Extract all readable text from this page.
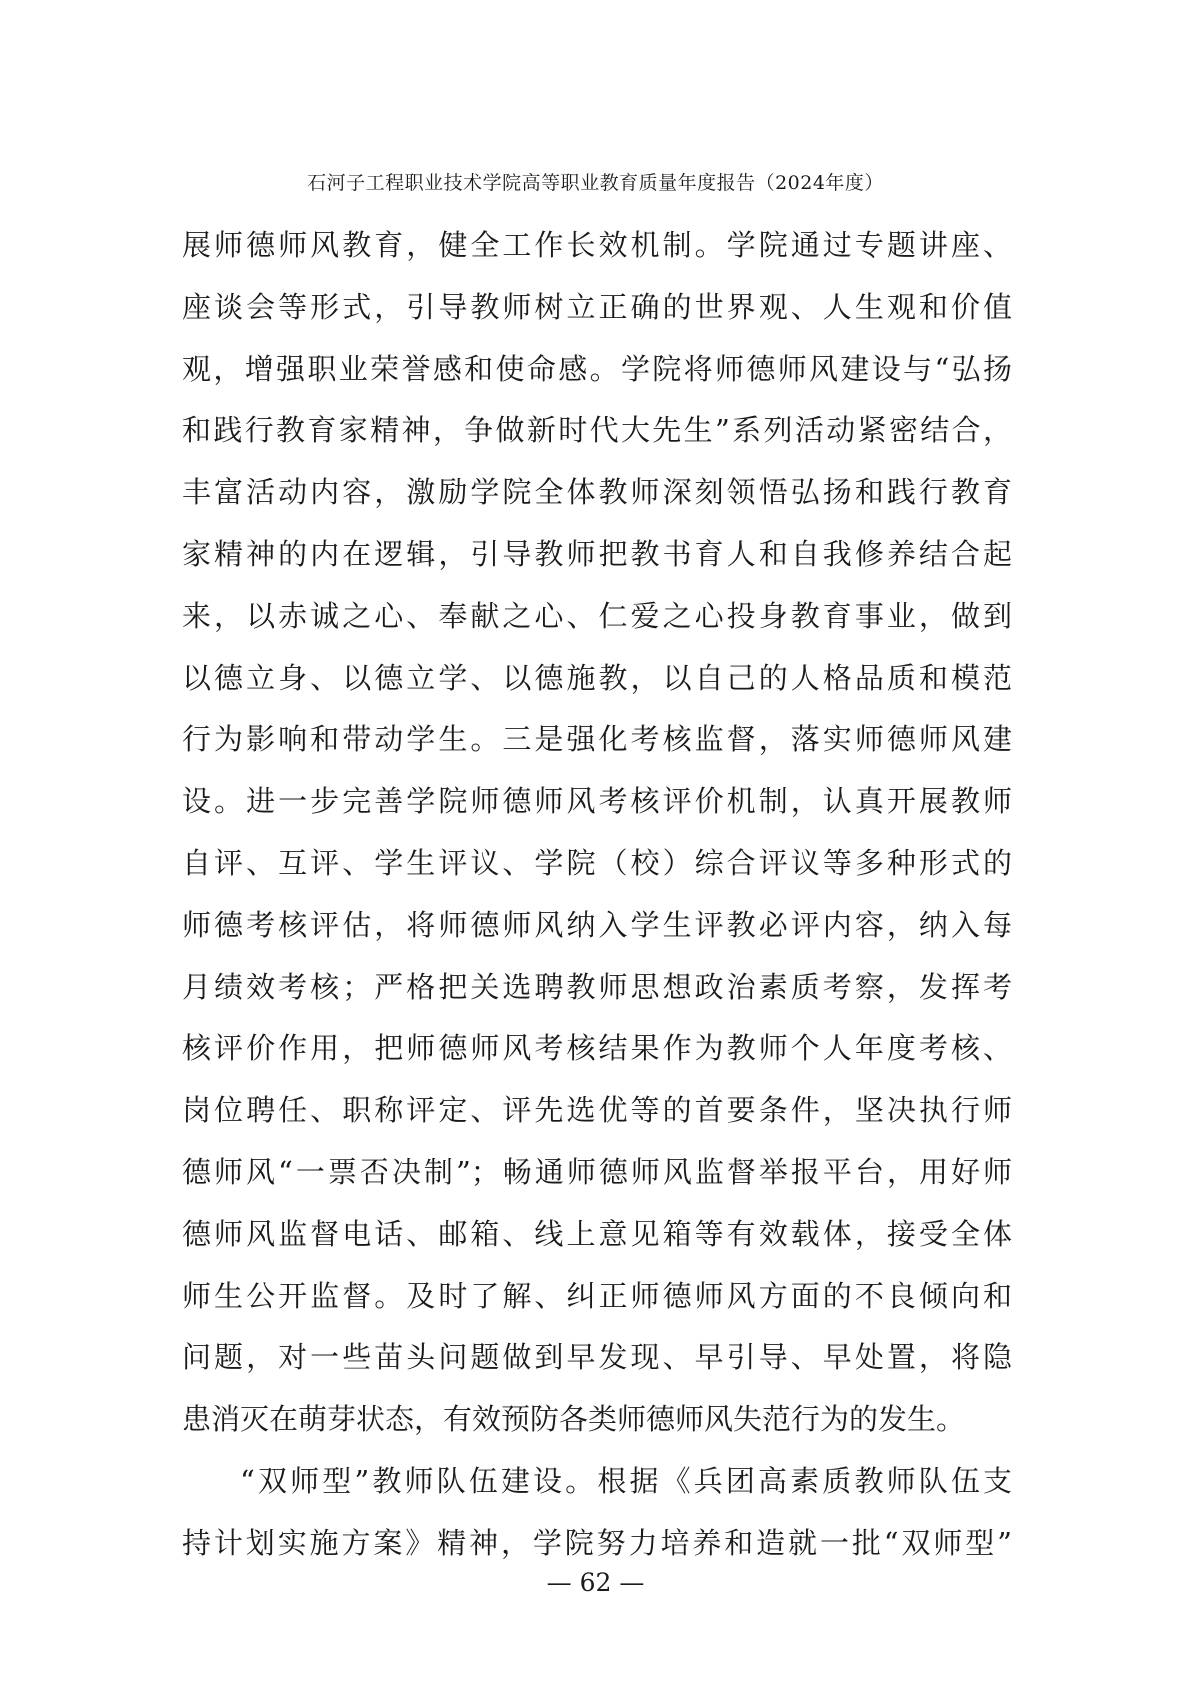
石河子工程职业技术学院高等职业教育质量年度报告（2024年度）
展师德师风教育，健全工作长效机制。学院通过专题讲座、
座谈会等形式，引导教师树立正确的世界观、人生观和价值
观，增强职业荣誉感和使命感。学院将师德师风建设与“弘扬
和践行教育家精神，争做新时代大先生”系列活动紧密结合，
丰富活动内容，激励学院全体教师深刻领悟弘扬和践行教育
家精神的内在逻辑，引导教师把教书育人和自我修养结合起
来，以赤诚之心、奉献之心、仁爱之心投身教育事业，做到
以德立身、以德立学、以德施教，以自己的人格品质和模范
行为影响和带动学生。三是强化考核监督，落实师德师风建
设。进一步完善学院师德师风考核评价机制，认真开展教师
自评、互评、学生评议、学院（校）综合评议等多种形式的
师德考核评估，将师德师风纳入学生评教必评内容，纳入每
月绩效考核；严格把关选聘教师思想政治素质考察，发挥考
核评价作用，把师德师风考核结果作为教师个人年度考核、
岗位聘任、职称评定、评先选优等的首要条件，坚决执行师
德师风“一票否决制”；畅通师德师风监督举报平台，用好师
德师风监督电话、邮箱、线上意见箱等有效载体，接受全体
师生公开监督。及时了解、纠正师德师风方面的不良倾向和
问题，对一些苗头问题做到早发现、早引导、早处置，将隐
患消灭在萌芽状态，有效预防各类师德师风失范行为的发生。
“双师型”教师队伍建设。根据《兵团高素质教师队伍支
持计划实施方案》精神，学院努力培养和造就一批“双师型”
— 62 —
